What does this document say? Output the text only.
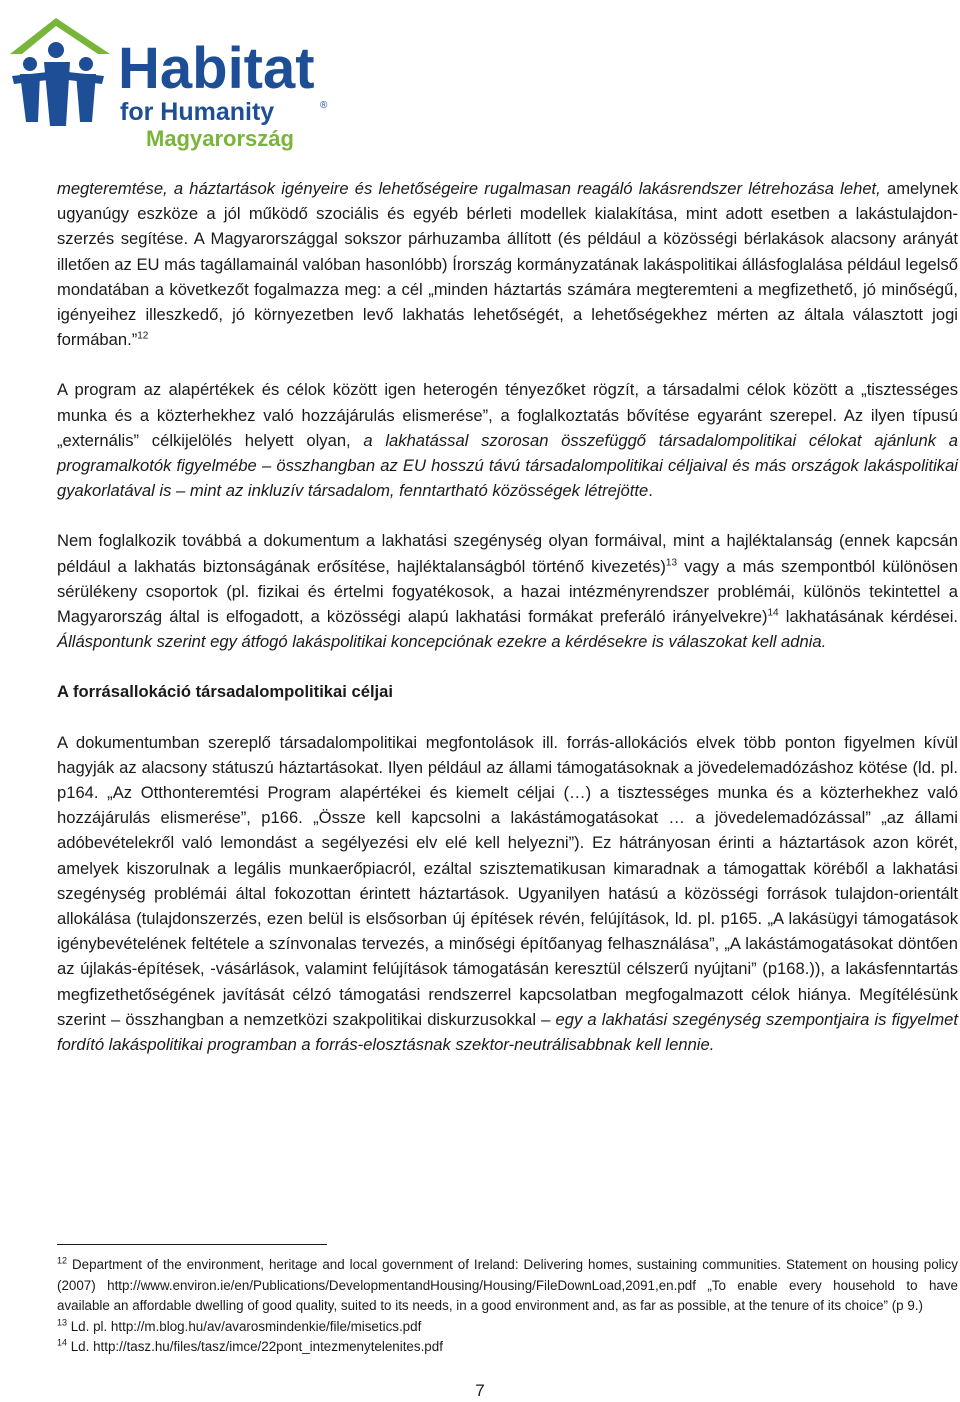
Habitat
for Humanity	®
Magyarország

megteremtése, a háztartások igényeire és lehetőségeire rugalmasan reagáló lakásrendszer létrehozása lehet, amelynek ugyanúgy eszköze a jól működő szociális és egyéb bérleti modellek kialakítása, mint adott esetben a lakástulajdon-szerzés segítése. A Magyarországgal sokszor párhuzamba állított (és például a közösségi bérlakások alacsony arányát illetően az EU más tagállamainál valóban hasonlóbb) Írország kormányzatának lakáspolitikai állásfoglalása például legelső mondatában a következőt fogalmazza meg: a cél „minden háztartás számára megteremteni a megfizethető, jó minőségű, igényeihez illeszkedő, jó környezetben levő lakhatás lehetőségét, a lehetőségekhez mérten az általa választott jogi formában.”$^{12}$

A program az alapértékek és célok között igen heterogén tényezőket rögzít, a társadalmi célok között a „tisztességes munka és a közterhekhez való hozzájárulás elismerése”, a foglalkoztatás bővítése egyaránt szerepel. Az ilyen típusú „externális” célkijelölés helyett olyan, a lakhatással szorosan összefüggő társadalompolitikai célokat ajánlunk a programalkotók figyelmébe – összhangban az EU hosszú távú társadalompolitikai céljaival és más országok lakáspolitikai gyakorlatával is – mint az inkluzív társadalom, fenntartható közösségek létrejötte.

Nem foglalkozik továbbá a dokumentum a lakhatási szegénység olyan formáival, mint a hajléktalanság (ennek kapcsán például a lakhatás biztonságának erősítése, hajléktalanságból történő kivezetés)$^{13}$ vagy a más szempontból különösen sérülékeny csoportok (pl. fizikai és értelmi fogyatékosok, a hazai intézményrendszer problémái, különös tekintettel a Magyarország által is elfogadott, a közösségi alapú lakhatási formákat preferáló irányelvekre)$^{14}$ lakhatásának kérdései. Álláspontunk szerint egy átfogó lakáspolitikai koncepciónak ezekre a kérdésekre is válaszokat kell adnia.

A forrásallokáció társadalompolitikai céljai

A dokumentumban szereplő társadalompolitikai megfontolások ill. forrás-allokációs elvek több ponton figyelmen kívül hagyják az alacsony státuszú háztartásokat. Ilyen például az állami támogatásoknak a jövedelemadózáshoz kötése (ld. pl. p164. „Az Otthonteremtési Program alapértékei és kiemelt céljai (…) a tisztességes munka és a közterhekhez való hozzájárulás elismerése”, p166. „Össze kell kapcsolni a lakástámogatásokat … a jövedelemadózással” „az állami adóbevételekről való lemondást a segélyezési elv elé kell helyezni”). Ez hátrányosan érinti a háztartások azon körét, amelyek kiszorulnak a legális munkaerőpiacról, ezáltal szisztematikusan kimaradnak a támogattak köréből a lakhatási szegénység problémái által fokozottan érintett háztartások. Ugyanilyen hatású a közösségi források tulajdon-orientált allokálása (tulajdonszerzés, ezen belül is elsősorban új építések révén, felújítások, ld. pl. p165. „A lakásügyi támogatások igénybevételének feltétele a színvonalas tervezés, a minőségi építőanyag felhasználása”, „A lakástámogatásokat döntően az újlakás-építések, -vásárlások, valamint felújítások támogatásán keresztül célszerű nyújtani” (p168.)), a lakásfenntartás megfizethetőségének javítását célzó támogatási rendszerrel kapcsolatban megfogalmazott célok hiánya. Megítélésünk szerint – összhangban a nemzetközi szakpolitikai diskurzusokkal – egy a lakhatási szegénység szempontjaira is figyelmet fordító lakáspolitikai programban a forrás-elosztásnak szektor-neutrálisabbnak kell lennie.

$^{12}$ Department of the environment, heritage and local government of Ireland: Delivering homes, sustaining communities. Statement on housing policy (2007) http://www.environ.ie/en/Publications/DevelopmentandHousing/Housing/FileDownLoad,2091,en.pdf „To enable every household to have available an affordable dwelling of good quality, suited to its needs, in a good environment and, as far as possible, at the tenure of its choice” (p 9.)

$^{13}$ Ld. pl. http://m.blog.hu/av/avarosmindenkie/file/misetics.pdf

$^{14}$ Ld. http://tasz.hu/files/tasz/imce/22pont_intezmenytelenites.pdf

7
